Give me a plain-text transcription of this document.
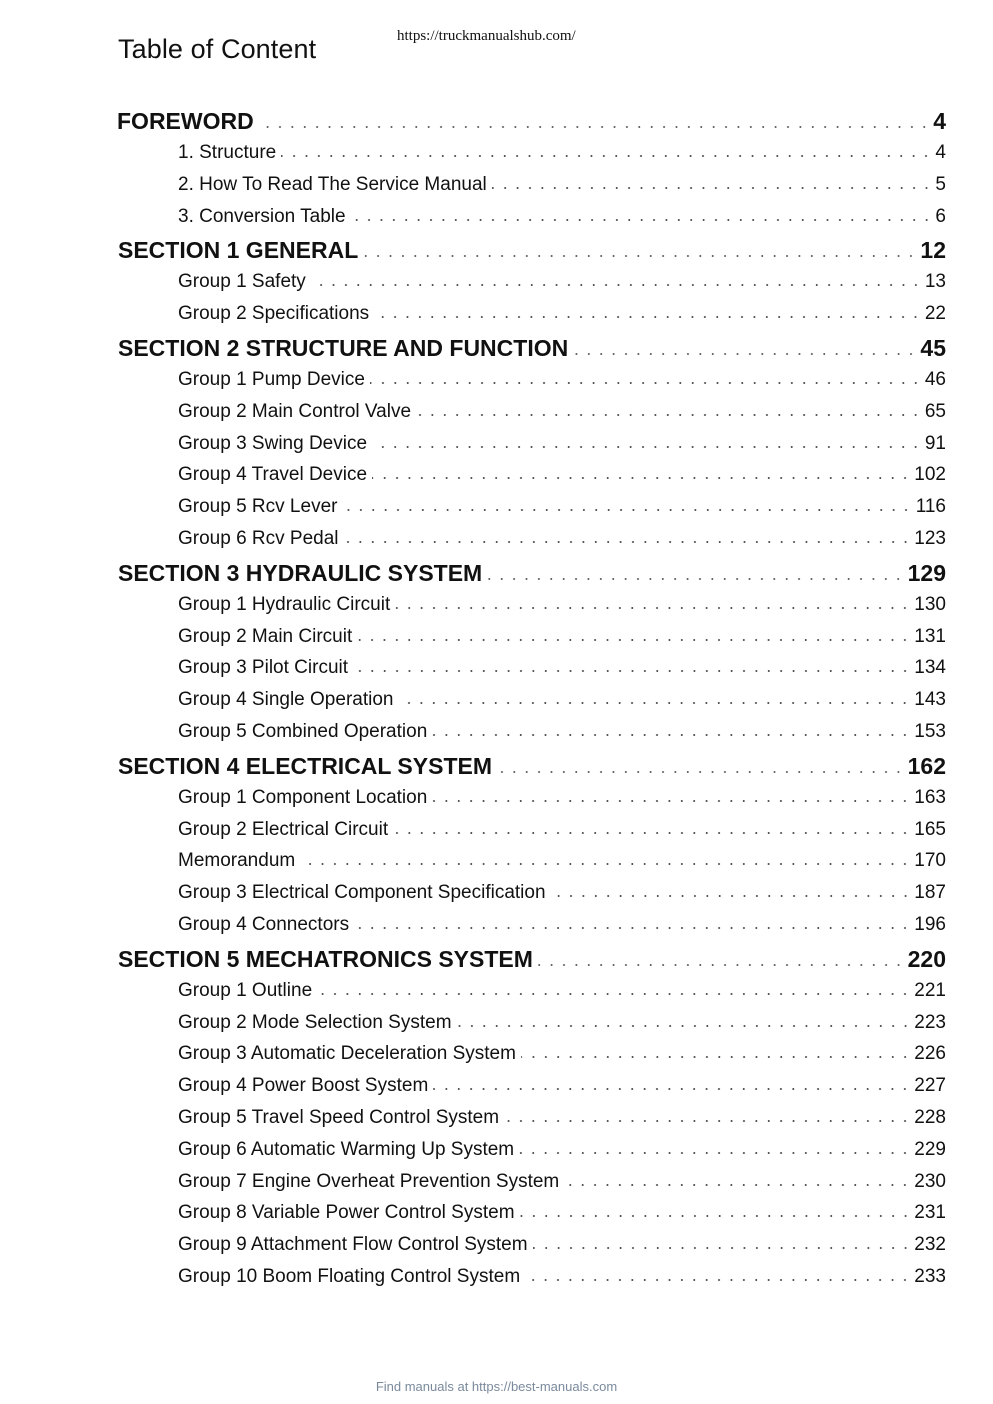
Table of Content	https://truckmanualshub.com/
FOREWORD	4
1. Structure	4
2. How To Read The Service Manual	5
3. Conversion Table	6
SECTION 1 GENERAL	12
Group 1 Safety	13
Group 2 Specifications	22
SECTION 2 STRUCTURE AND FUNCTION	45
Group 1 Pump Device	46
Group 2 Main Control Valve	65
Group 3 Swing Device	91
Group 4 Travel Device	102
Group 5 Rcv Lever	116
Group 6 Rcv Pedal	123
SECTION 3 HYDRAULIC SYSTEM	129
Group 1 Hydraulic Circuit	130
Group 2 Main Circuit	131
Group 3 Pilot Circuit	134
Group 4 Single Operation	143
Group 5 Combined Operation	153
SECTION 4 ELECTRICAL SYSTEM	162
Group 1 Component Location	163
Group 2 Electrical Circuit	165
Memorandum	170
Group 3 Electrical Component Specification	187
Group 4 Connectors	196
SECTION 5 MECHATRONICS SYSTEM	220
Group 1 Outline	221
Group 2 Mode Selection System	223
Group 3 Automatic Deceleration System	226
Group 4 Power Boost System	227
Group 5 Travel Speed Control System	228
Group 6 Automatic Warming Up System	229
Group 7 Engine Overheat Prevention System	230
Group 8 Variable Power Control System	231
Group 9 Attachment Flow Control System	232
Group 10 Boom Floating Control System	233
Find manuals at https://best-manuals.com
